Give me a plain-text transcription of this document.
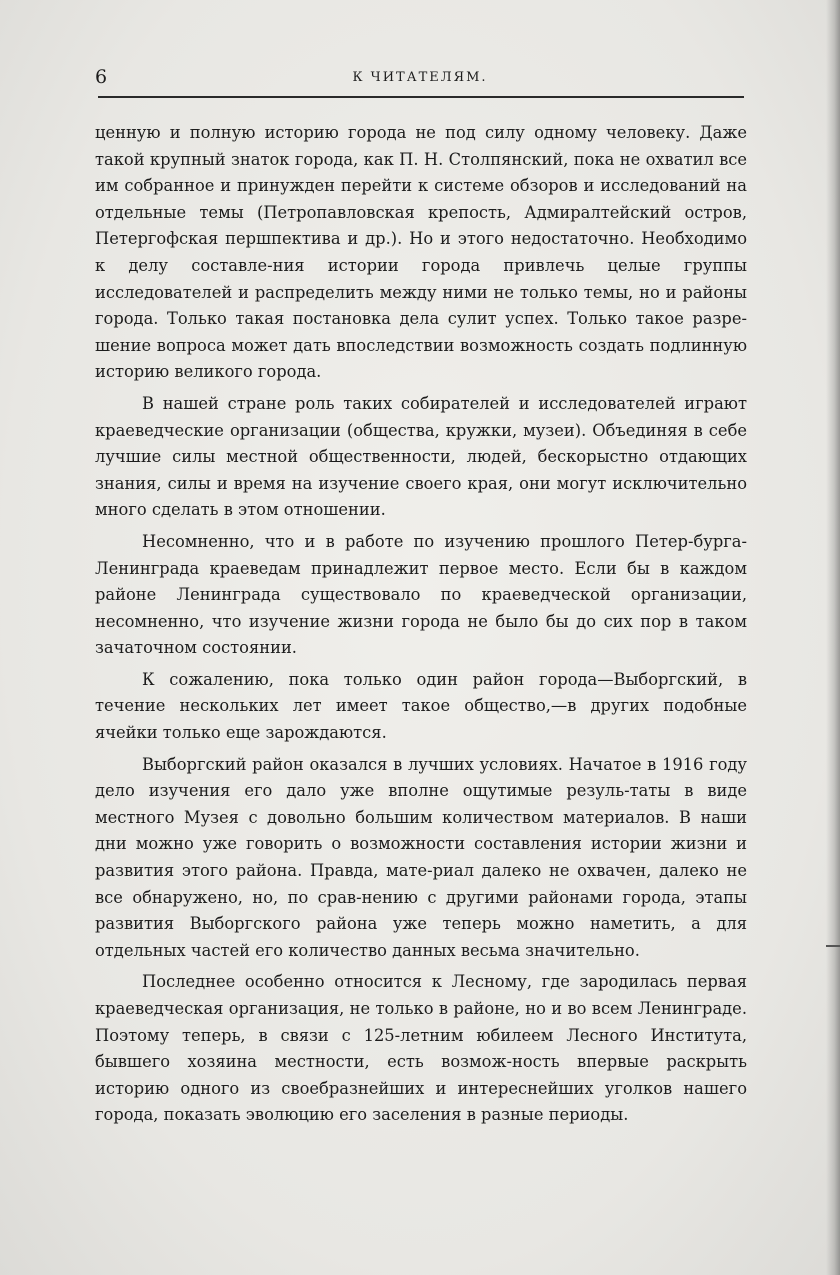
6	К ЧИТАТЕЛЯМ.

ценную и полную историю города не под силу одному человеку. Даже такой крупный знаток города, как П. Н. Столпянский, пока не охватил все им собранное и принужден перейти к системе обзоров и исследований на отдельные темы (Петропавловская крепость, Адмиралтейский остров, Петергофская першпектива и др.). Но и этого недостаточно. Необходимо к делу составле-ния истории города привлечь целые группы исследователей и распределить между ними не только темы, но и районы города. Только такая постановка дела сулит успех. Только такое разре-шение вопроса может дать впоследствии возможность создать подлинную историю великого города.

В нашей стране роль таких собирателей и исследователей играют краеведческие организации (общества, кружки, музеи). Объединяя в себе лучшие силы местной общественности, людей, бескорыстно отдающих знания, силы и время на изучение своего края, они могут исключительно много сделать в этом отношении.

Несомненно, что и в работе по изучению прошлого Петер-бурга-Ленинграда краеведам принадлежит первое место. Если бы в каждом районе Ленинграда существовало по краеведческой организации, несомненно, что изучение жизни города не было бы до сих пор в таком зачаточном состоянии.

К сожалению, пока только один район города—Выборгский, в течение нескольких лет имеет такое общество,—в других подобные ячейки только еще зарождаются.

Выборгский район оказался в лучших условиях. Начатое в 1916 году дело изучения его дало уже вполне ощутимые резуль-таты в виде местного Музея с довольно большим количеством материалов. В наши дни можно уже говорить о возможности составления истории жизни и развития этого района. Правда, мате-риал далеко не охвачен, далеко не все обнаружено, но, по срав-нению с другими районами города, этапы развития Выборгского района уже теперь можно наметить, а для отдельных частей его количество данных весьма значительно.

Последнее особенно относится к Лесному, где зародилась первая краеведческая организация, не только в районе, но и во всем Ленинграде. Поэтому теперь, в связи с 125-летним юбилеем Лесного Института, бывшего хозяина местности, есть возмож-ность впервые раскрыть историю одного из своебразнейших и интереснейших уголков нашего города, показать эволюцию его заселения в разные периоды.
